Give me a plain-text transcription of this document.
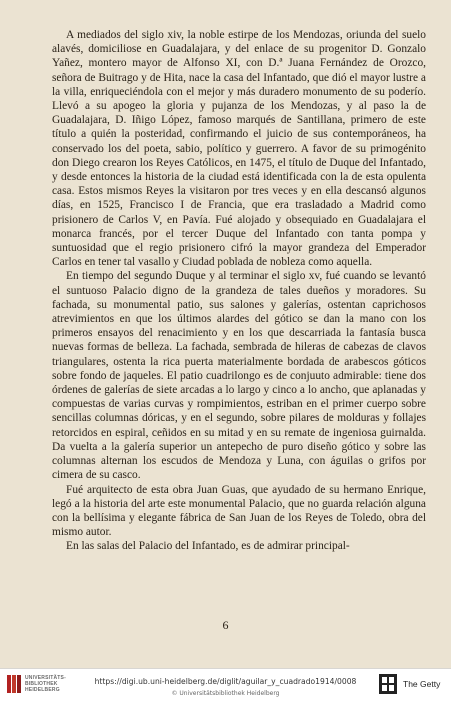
A mediados del siglo xiv, la noble estirpe de los Mendozas, oriunda del suelo alavés, domiciliose en Guadalajara, y del enlace de su progenitor D. Gonzalo Yañez, montero mayor de Alfonso XI, con D.ª Juana Fernández de Orozco, señora de Buitrago y de Hita, nace la casa del Infantado, que dió el mayor lustre a la villa, enriqueciéndola con el mejor y más duradero monumento de su poderío. Llevó a su apogeo la gloria y pujanza de los Mendozas, y al paso la de Guadalajara, D. Iñigo López, famoso marqués de Santillana, primero de este título a quién la posteridad, confirmando el juicio de sus contemporáneos, ha conservado los del poeta, sabio, político y guerrero. A favor de su primogénito don Diego crearon los Reyes Católicos, en 1475, el título de Duque del Infantado, y desde entonces la historia de la ciudad está identificada con la de esta opulenta casa. Estos mismos Reyes la visitaron por tres veces y en ella descansó algunos días, en 1525, Francisco I de Francia, que era trasladado a Madrid como prisionero de Carlos V, en Pavía. Fué alojado y obsequiado en Guadalajara el monarca francés, por el tercer Duque del Infantado con tanta pompa y suntuosidad que el regio prisionero cifró la mayor grandeza del Emperador Carlos en tener tal vasallo y Ciudad poblada de nobleza como aquella.

En tiempo del segundo Duque y al terminar el siglo xv, fué cuando se levantó el suntuoso Palacio digno de la grandeza de tales dueños y moradores. Su fachada, su monumental patio, sus salones y galerías, ostentan caprichosos atrevimientos en que los últimos alardes del gótico se dan la mano con los primeros ensayos del renacimiento y en los que descarriada la fantasía busca nuevas formas de belleza. La fachada, sembrada de hileras de cabezas de clavos triangulares, ostenta la rica puerta materialmente bordada de arabescos góticos sobre fondo de jaqueles. El patio cuadrilongo es de conjuuto admirable: tiene dos órdenes de galerías de siete arcadas a lo largo y cinco a lo ancho, que aplanadas y compuestas de varias curvas y rompimientos, estriban en el primer cuerpo sobre sencillas columnas dóricas, y en el segundo, sobre pilares de molduras y follajes retorcidos en espiral, ceñidos en su mitad y en su remate de ingeniosa guirnalda. Da vuelta a la galería superior un antepecho de puro diseño gótico y sobre las columnas alternan los escudos de Mendoza y Luna, con águilas o grifos por cimera de su casco.

Fué arquitecto de esta obra Juan Guas, que ayudado de su hermano Enrique, legó a la historia del arte este monumental Palacio, que no guarda relación alguna con la bellísima y elegante fábrica de San Juan de los Reyes de Toledo, obra del mismo autor.

En las salas del Palacio del Infantado, es de admirar principal-

6
UNIVERSITÄTS-
BIBLIOTHEK
HEIDELBERG
https://digi.ub.uni-heidelberg.de/diglit/aguilar_y_cuadrado1914/0008
© Universitätsbibliothek Heidelberg
The Getty
